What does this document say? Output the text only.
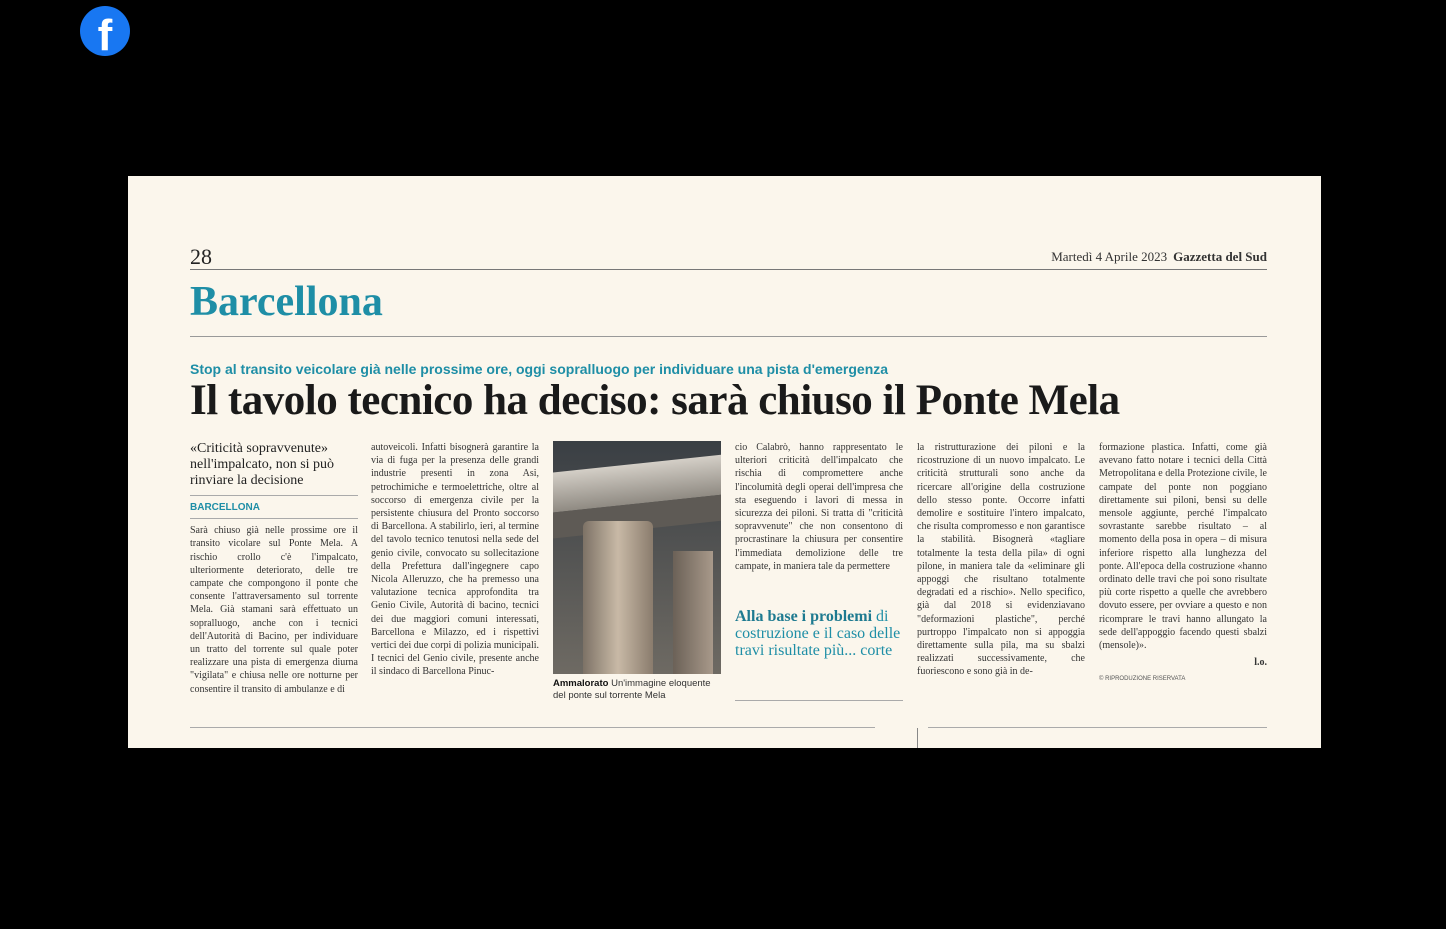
f
28	Martedì 4 Aprile 2023 Gazzetta del Sud
Barcellona
Stop al transito veicolare già nelle prossime ore, oggi sopralluogo per individuare una pista d'emergenza
Il tavolo tecnico ha deciso: sarà chiuso il Ponte Mela
«Criticità sopravvenute» nell'impalcato, non si può rinviare la decisione
BARCELLONA
Sarà chiuso già nelle prossime ore il transito vicolare sul Ponte Mela. A rischio crollo c'è l'impalcato, ulteriormente deteriorato, delle tre campate che compongono il ponte che consente l'attraversamento sul torrente Mela. Già stamani sarà effettuato un sopralluogo, anche con i tecnici dell'Autorità di Bacino, per individuare un tratto del torrente sul quale poter realizzare una pista di emergenza diurna "vigilata" e chiusa nelle ore notturne per consentire il transito di ambulanze e di
autoveicoli. Infatti bisognerà garantire la via di fuga per la presenza delle grandi industrie presenti in zona Asi, petrochimiche e termoelettriche, oltre al soccorso di emergenza civile per la persistente chiusura del Pronto soccorso di Barcellona. A stabilirlo, ieri, al termine del tavolo tecnico tenutosi nella sede del genio civile, convocato su sollecitazione della Prefettura dall'ingegnere capo Nicola Alleruzzo, che ha premesso una valutazione tecnica approfondita tra Genio Civile, Autorità di bacino, tecnici dei due maggiori comuni interessati, Barcellona e Milazzo, ed i rispettivi vertici dei due corpi di polizia municipali. I tecnici del Genio civile, presente anche il sindaco di Barcellona Pinuc-
Ammalorato Un'immagine eloquente del ponte sul torrente Mela
cio Calabrò, hanno rappresentato le ulteriori criticità dell'impalcato che rischia di compromettere anche l'incolumità degli operai dell'impresa che sta eseguendo i lavori di messa in sicurezza dei piloni. Si tratta di "criticità sopravvenute" che non consentono di procrastinare la chiusura per consentire l'immediata demolizione delle tre campate, in maniera tale da permettere
Alla base i problemi di costruzione e il caso delle travi risultate più... corte
la ristrutturazione dei piloni e la ricostruzione di un nuovo impalcato. Le criticità strutturali sono anche da ricercare all'origine della costruzione dello stesso ponte. Occorre infatti demolire e sostituire l'intero impalcato, che risulta compromesso e non garantisce la stabilità. Bisognerà «tagliare totalmente la testa della pila» di ogni pilone, in maniera tale da «eliminare gli appoggi che risultano totalmente degradati ed a rischio». Nello specifico, già dal 2018 si evidenziavano "deformazioni plastiche", perché purtroppo l'impalcato non si appoggia direttamente sulla pila, ma su sbalzi realizzati successivamente, che fuoriescono e sono già in de-
formazione plastica. Infatti, come già avevano fatto notare i tecnici della Città Metropolitana e della Protezione civile, le campate del ponte non poggiano direttamente sui piloni, bensì su delle mensole aggiunte, perché l'impalcato sovrastante sarebbe risultato – al momento della posa in opera – di misura inferiore rispetto alla lunghezza del ponte. All'epoca della costruzione «hanno ordinato delle travi che poi sono risultate più corte rispetto a quelle che avrebbero dovuto essere, per ovviare a questo e non ricomprare le travi hanno allungato la sede dell'appoggio facendo questi sbalzi (mensole)».
l.o.
© RIPRODUZIONE RISERVATA
